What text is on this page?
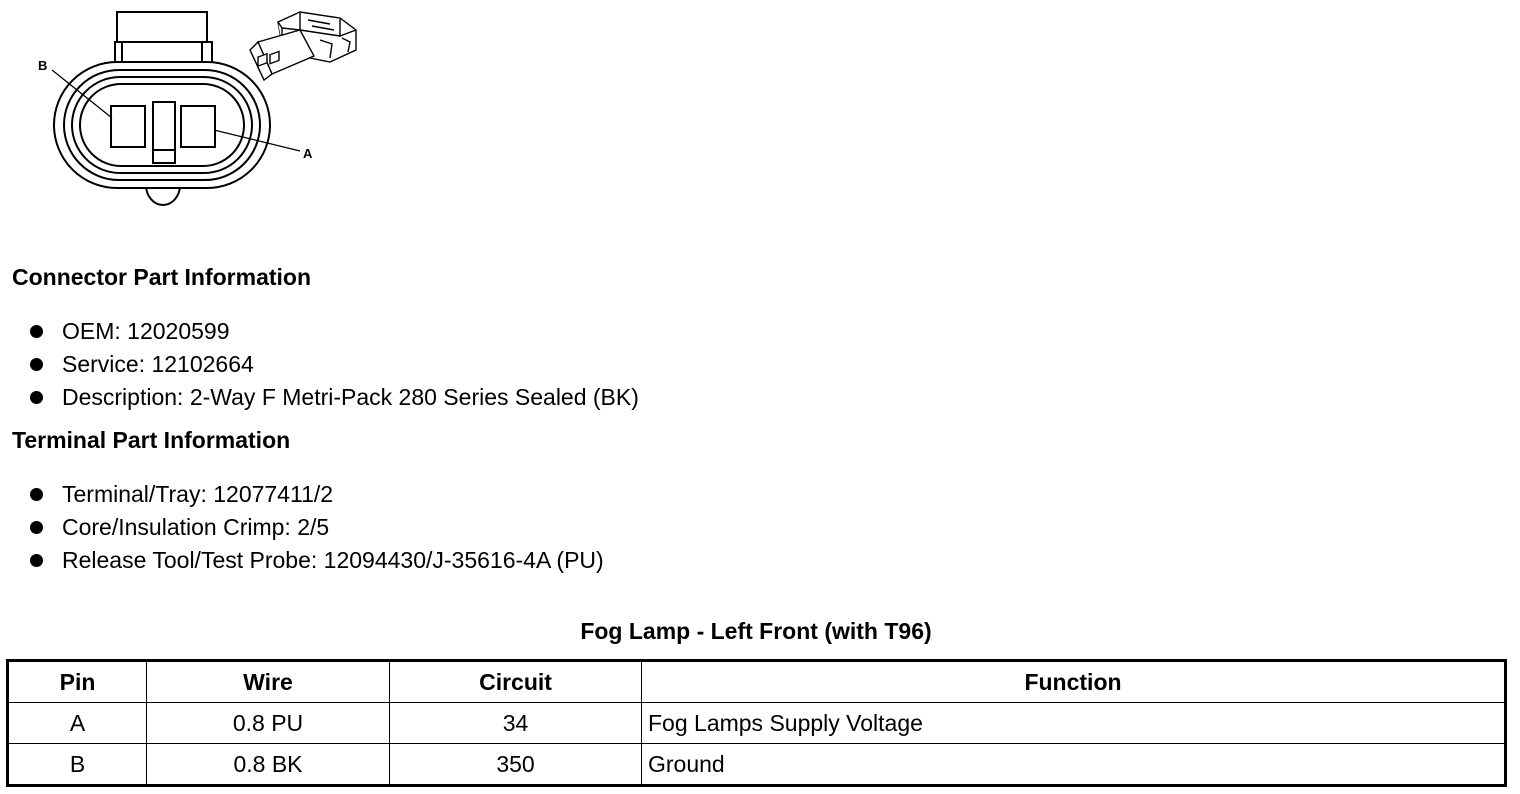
B
A
Connector Part Information
OEM: 12020599
Service: 12102664
Description: 2-Way F Metri-Pack 280 Series Sealed (BK)
Terminal Part Information
Terminal/Tray: 12077411/2
Core/Insulation Crimp: 2/5
Release Tool/Test Probe: 12094430/J-35616-4A (PU)
Fog Lamp - Left Front (with T96)
Pin	Wire	Circuit	Function
A	0.8 PU	34	Fog Lamps Supply Voltage
B	0.8 BK	350	Ground
